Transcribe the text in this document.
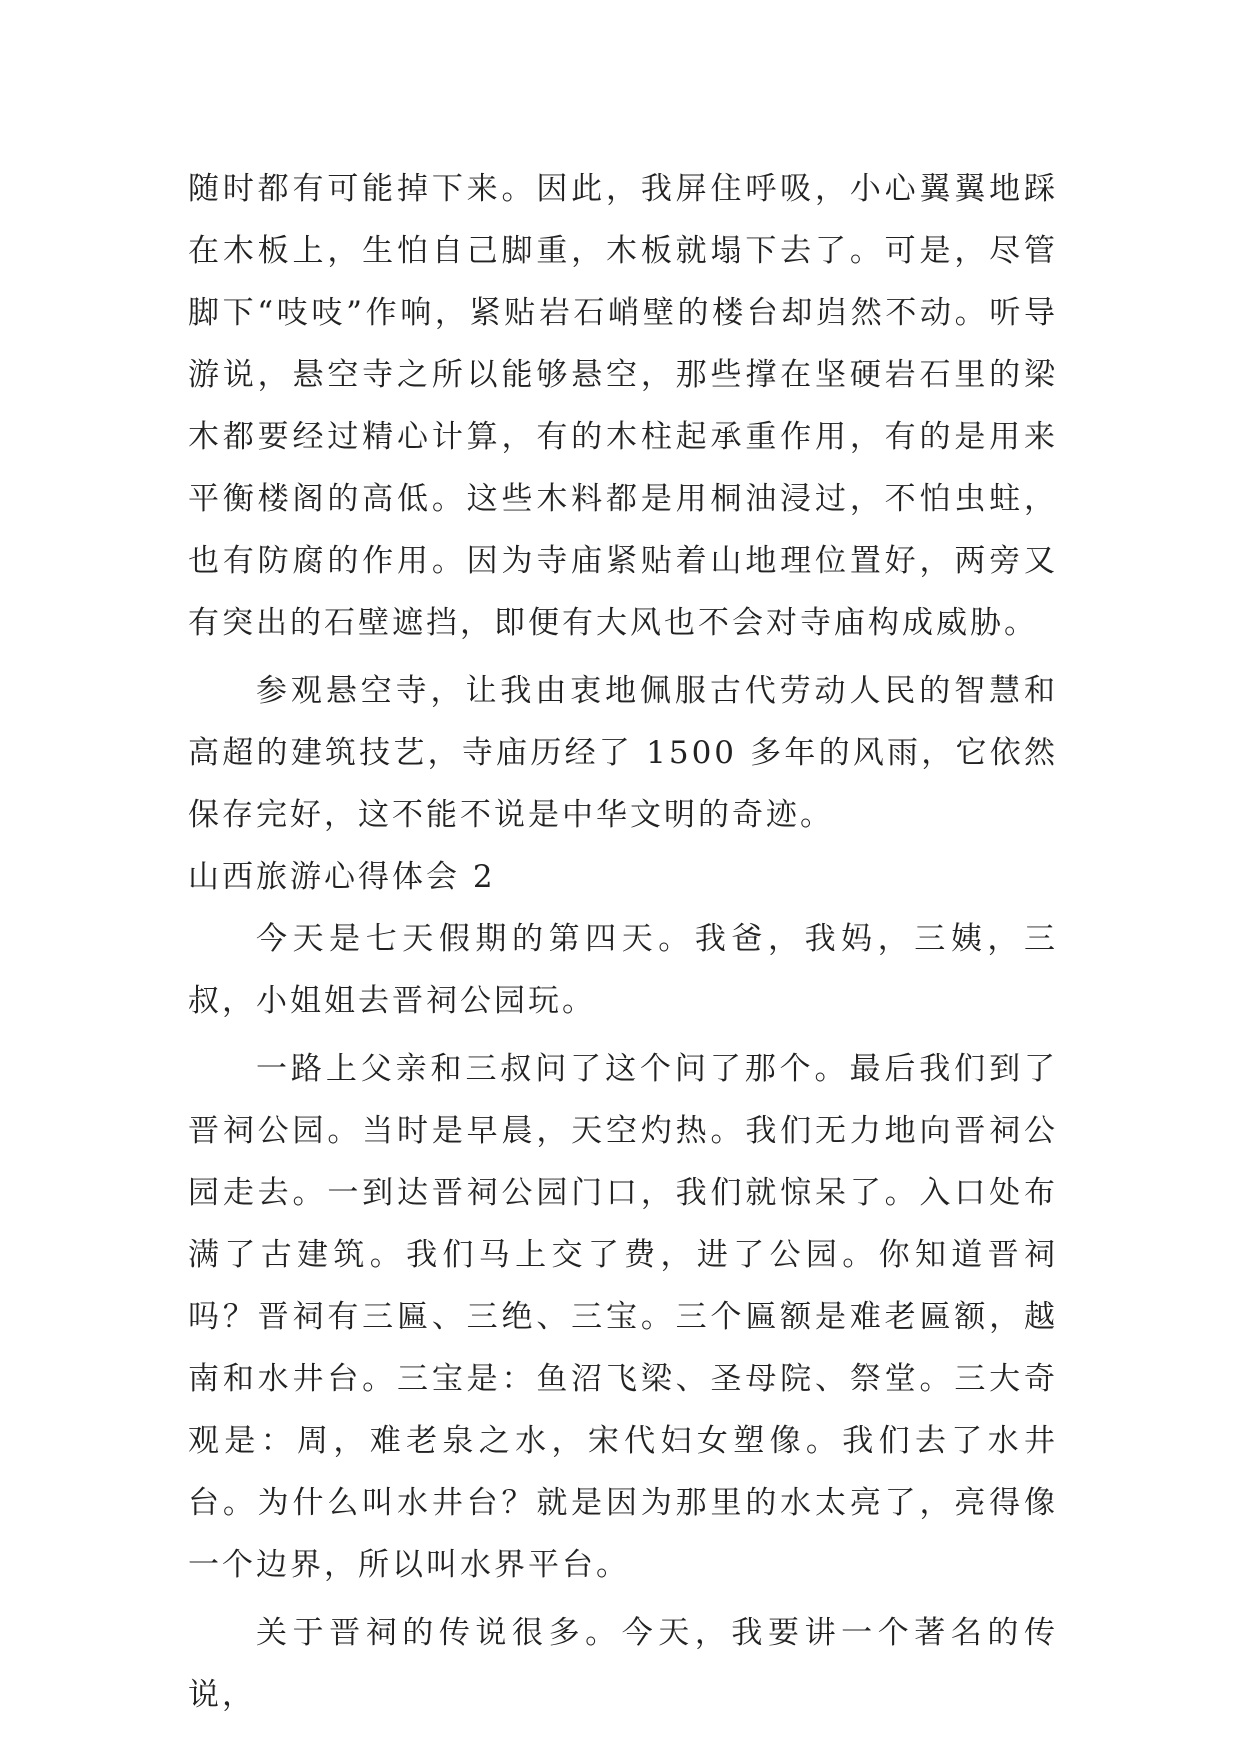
随时都有可能掉下来。因此，我屏住呼吸，小心翼翼地踩在木板上，生怕自己脚重，木板就塌下去了。可是，尽管脚下“吱吱”作响，紧贴岩石峭壁的楼台却岿然不动。听导游说，悬空寺之所以能够悬空，那些撑在坚硬岩石里的梁木都要经过精心计算，有的木柱起承重作用，有的是用来平衡楼阁的高低。这些木料都是用桐油浸过，不怕虫蛀，也有防腐的作用。因为寺庙紧贴着山地理位置好，两旁又有突出的石壁遮挡，即便有大风也不会对寺庙构成威胁。

参观悬空寺，让我由衷地佩服古代劳动人民的智慧和高超的建筑技艺，寺庙历经了 1500 多年的风雨，它依然保存完好，这不能不说是中华文明的奇迹。

山西旅游心得体会 2

今天是七天假期的第四天。我爸，我妈，三姨，三叔，小姐姐去晋祠公园玩。

一路上父亲和三叔问了这个问了那个。最后我们到了晋祠公园。当时是早晨，天空灼热。我们无力地向晋祠公园走去。一到达晋祠公园门口，我们就惊呆了。入口处布满了古建筑。我们马上交了费，进了公园。你知道晋祠吗？晋祠有三匾、三绝、三宝。三个匾额是难老匾额，越南和水井台。三宝是：鱼沼飞梁、圣母院、祭堂。三大奇观是：周，难老泉之水，宋代妇女塑像。我们去了水井台。为什么叫水井台？就是因为那里的水太亮了，亮得像一个边界，所以叫水界平台。

关于晋祠的传说很多。今天，我要讲一个著名的传说，
